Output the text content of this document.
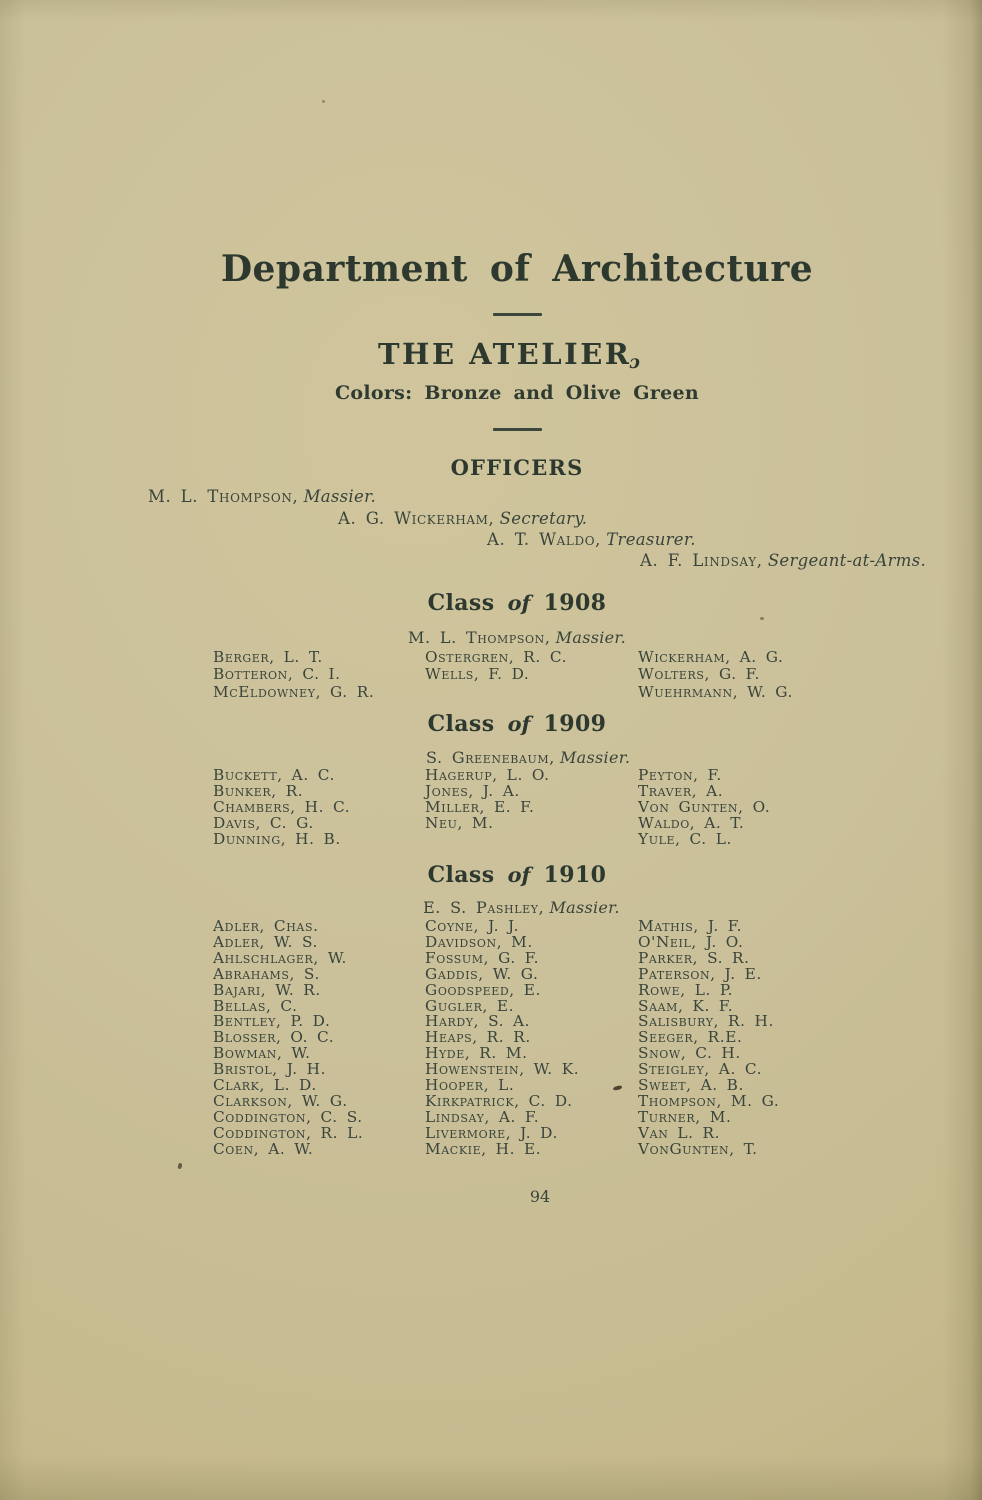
Department of Architecture
THE ATELIERɔ
Colors: Bronze and Olive Green
OFFICERS
M. L. Thompson, Massier.
A. G. Wickerham, Secretary.
A. T. Waldo, Treasurer.
A. F. Lindsay, Sergeant-at-Arms.
Class of 1908
M. L. Thompson, Massier.
Berger, L. T.
Botteron, C. I.
McEldowney, G. R.
Ostergren, R. C.
Wells, F. D.
Wickerham, A. G.
Wolters, G. F.
Wuehrmann, W. G.
Class of 1909
S. Greenebaum, Massier.
Buckett, A. C.
Bunker, R.
Chambers, H. C.
Davis, C. G.
Dunning, H. B.
Hagerup, L. O.
Jones, J. A.
Miller, E. F.
Neu, M.
Peyton, F.
Traver, A.
Von Gunten, O.
Waldo, A. T.
Yule, C. L.
Class of 1910
E. S. Pashley, Massier.
Adler, Chas.
Adler, W. S.
Ahlschlager, W.
Abrahams, S.
Bajari, W. R.
Bellas, C.
Bentley, P. D.
Blosser, O. C.
Bowman, W.
Bristol, J. H.
Clark, L. D.
Clarkson, W. G.
Coddington, C. S.
Coddington, R. L.
Coen, A. W.
Coyne, J. J.
Davidson, M.
Fossum, G. F.
Gaddis, W. G.
Goodspeed, E.
Gugler, E.
Hardy, S. A.
Heaps, R. R.
Hyde, R. M.
Howenstein, W. K.
Hooper, L.
Kirkpatrick, C. D.
Lindsay, A. F.
Livermore, J. D.
Mackie, H. E.
Mathis, J. F.
O'Neil, J. O.
Parker, S. R.
Paterson, J. E.
Rowe, L. P.
Saam, K. F.
Salisbury, R. H.
Seeger, R.E.
Snow, C. H.
Steigley, A. C.
Sweet, A. B.
Thompson, M. G.
Turner, M.
Van L. R.
VonGunten, T.
94
